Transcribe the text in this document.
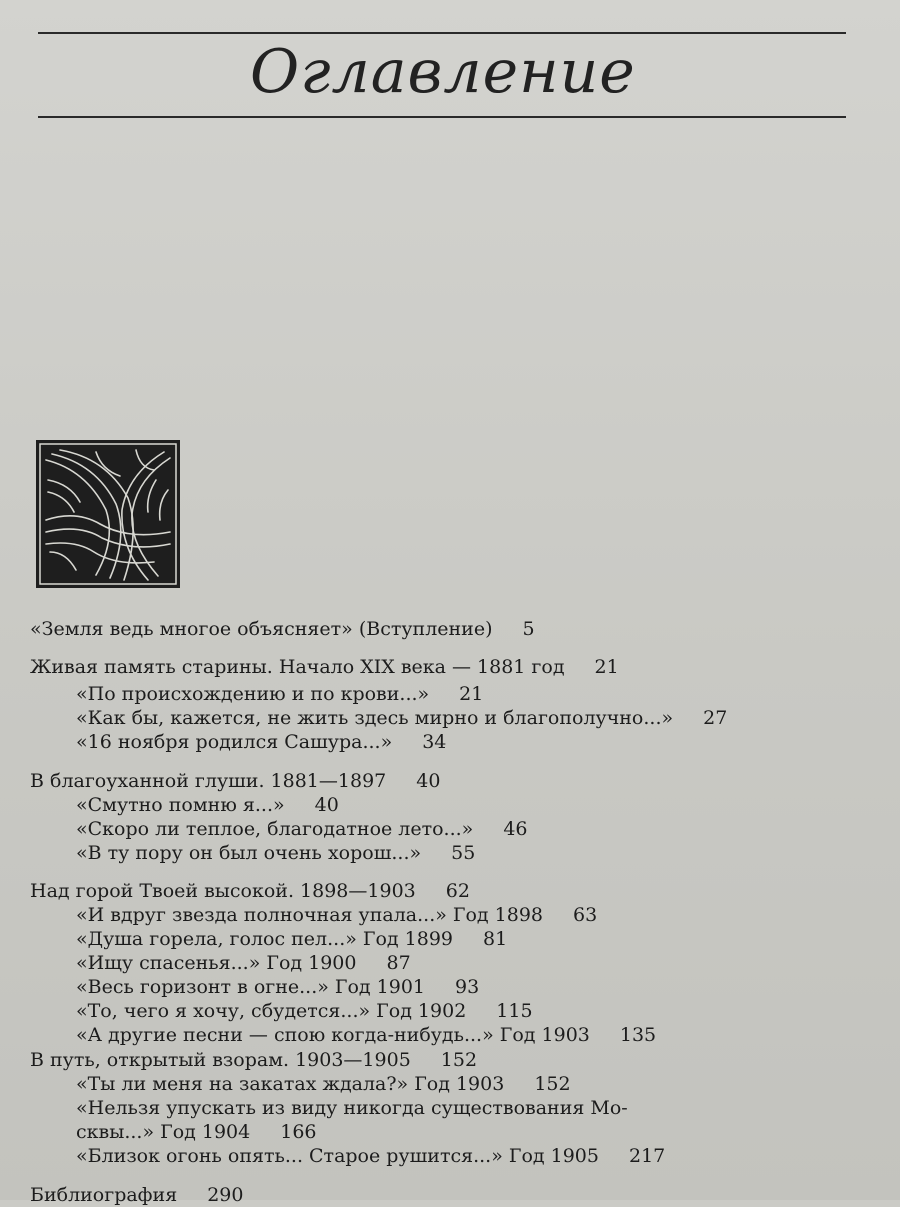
Оглавление
«Земля ведь многое объясняет» (Вступление) 5
Живая память старины. Начало XIX века — 1881 год 21
«По происхождению и по крови...» 21
«Как бы, кажется, не жить здесь мирно и благополучно...» 27
«16 ноября родился Сашура...» 34
В благоуханной глуши. 1881—1897 40
«Смутно помню я...» 40
«Скоро ли теплое, благодатное лето...» 46
«В ту пору он был очень хорош...» 55
Над горой Твоей высокой. 1898—1903 62
«И вдруг звезда полночная упала...» Год 1898 63
«Душа горела, голос пел...» Год 1899 81
«Ищу спасенья...» Год 1900 87
«Весь горизонт в огне...» Год 1901 93
«То, чего я хочу, сбудется...» Год 1902 115
«А другие песни — спою когда-нибудь...» Год 1903 135
В путь, открытый взорам. 1903—1905 152
«Ты ли меня на закатах ждала?» Год 1903 152
«Нельзя упускать из виду никогда существования Мо-
сквы...» Год 1904 166
«Близок огонь опять... Старое рушится...» Год 1905 217
Библиография 290
